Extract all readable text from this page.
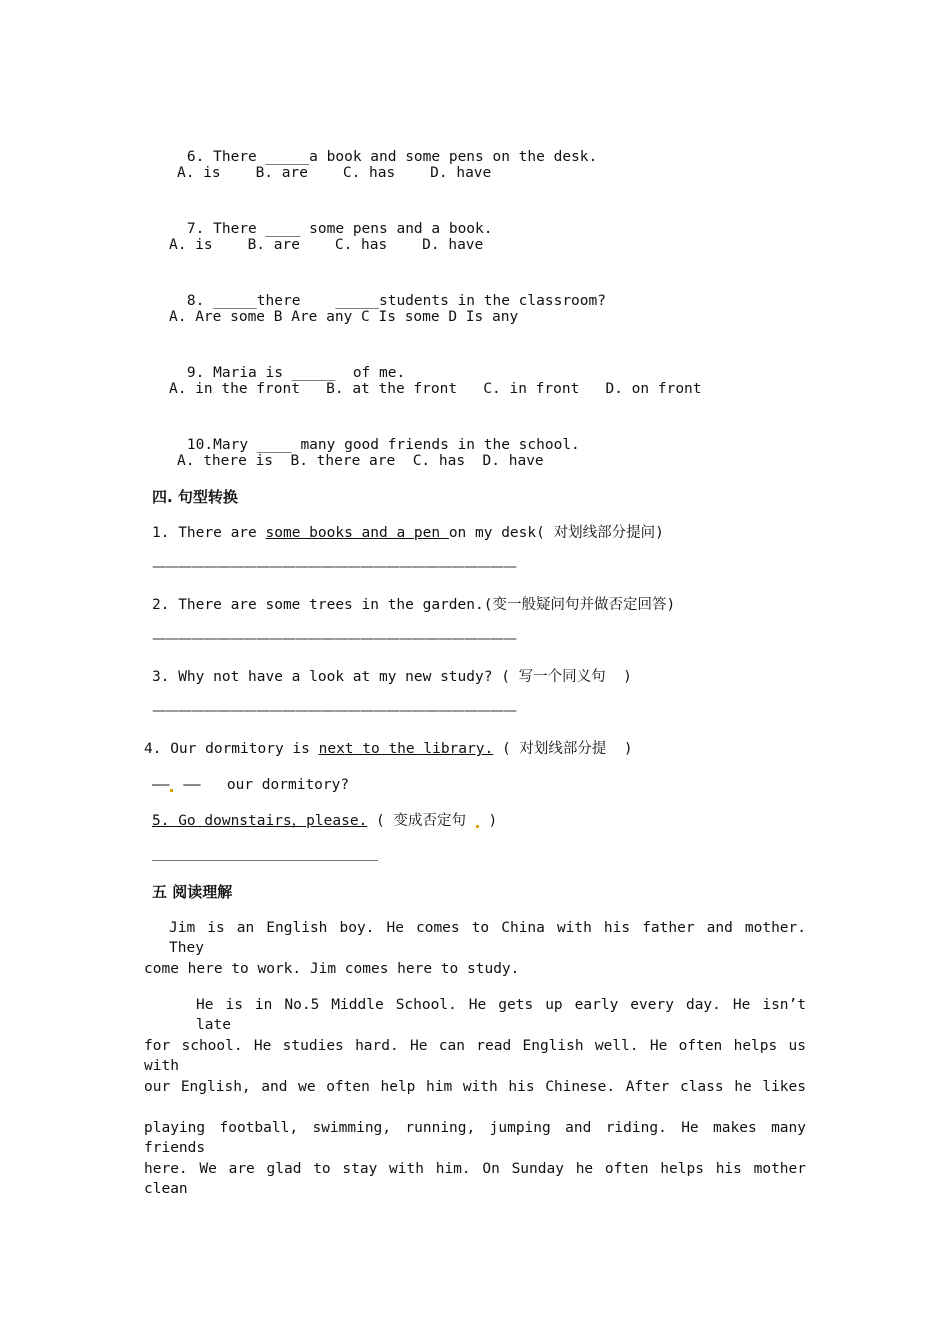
6. There _____a book and some pens on the desk.

A. is    B. are    C. has    D. have

7. There ____ some pens and a book.

A. is    B. are    C. has    D. have

8. _____there    _____students in the classroom?

A. Are some B Are any C Is some D Is any

9. Maria is _____ of me.

A. in the front   B. at the front   C. in front   D. on front

10.Mary ____ many good friends in the school.

A. there is  B. there are  C. has  D. have
四. 句型转换
1. There are some books and a pen on my desk( 对划线部分提问)
————————————————————————————
2. There are some trees in the garden.(变一般疑问句并做否定回答)
————————————————————————————
3. Why not have a look at my new study? ( 写一个同义句  )
————————————————————————————
4. Our dormitory is next to the library. ( 对划线部分提  )
—— —— our dormitory?
5. Go downstairs，please. ( 变成否定句  )
五 阅读理解
Jim is an English boy. He comes to China with his father and mother. They
come here to work. Jim comes here to study.
He is in No.5 Middle School. He gets up early every day. He isn’t late
for school. He studies hard. He can read English well. He often helps us with
our English, and we often help him with his Chinese. After class he likes
playing football, swimming, running, jumping and riding. He makes many friends
here. We are glad to stay with him. On Sunday he often helps his mother clean
